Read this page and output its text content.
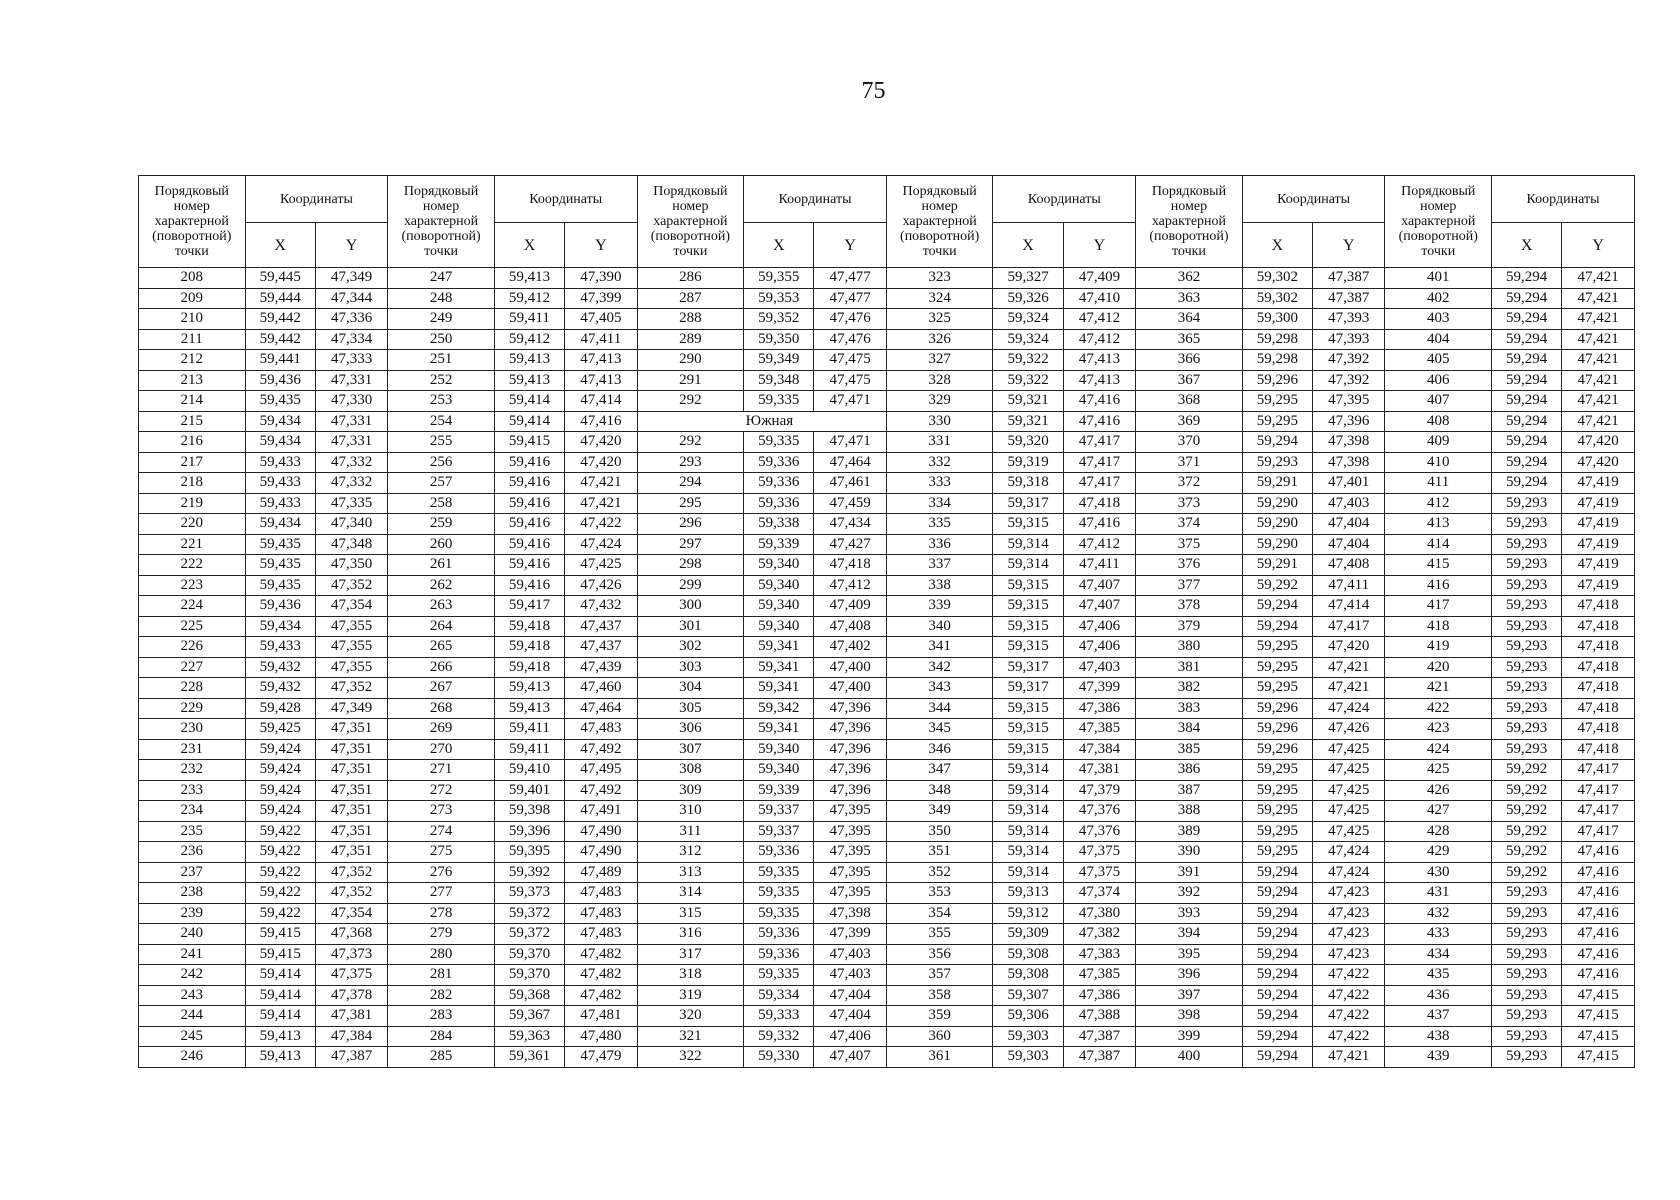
75
Порядковый номер характерной (поворотной) точки	Координаты		Порядковый номер характерной (поворотной) точки	Координаты		Порядковый номер характерной (поворотной) точки	Координаты		Порядковый номер характерной (поворотной) точки	Координаты		Порядковый номер характерной (поворотной) точки	Координаты		Порядковый номер характерной (поворотной) точки	Координаты	
	X	Y		X	Y		X	Y		X	Y		X	Y		X	Y
208	59,445	47,349	247	59,413	47,390	286	59,355	47,477	323	59,327	47,409	362	59,302	47,387	401	59,294	47,421
209	59,444	47,344	248	59,412	47,399	287	59,353	47,477	324	59,326	47,410	363	59,302	47,387	402	59,294	47,421
210	59,442	47,336	249	59,411	47,405	288	59,352	47,476	325	59,324	47,412	364	59,300	47,393	403	59,294	47,421
211	59,442	47,334	250	59,412	47,411	289	59,350	47,476	326	59,324	47,412	365	59,298	47,393	404	59,294	47,421
212	59,441	47,333	251	59,413	47,413	290	59,349	47,475	327	59,322	47,413	366	59,298	47,392	405	59,294	47,421
213	59,436	47,331	252	59,413	47,413	291	59,348	47,475	328	59,322	47,413	367	59,296	47,392	406	59,294	47,421
214	59,435	47,330	253	59,414	47,414	292	59,335	47,471	329	59,321	47,416	368	59,295	47,395	407	59,294	47,421
215	59,434	47,331	254	59,414	47,416	Южная			330	59,321	47,416	369	59,295	47,396	408	59,294	47,421
216	59,434	47,331	255	59,415	47,420	292	59,335	47,471	331	59,320	47,417	370	59,294	47,398	409	59,294	47,420
217	59,433	47,332	256	59,416	47,420	293	59,336	47,464	332	59,319	47,417	371	59,293	47,398	410	59,294	47,420
218	59,433	47,332	257	59,416	47,421	294	59,336	47,461	333	59,318	47,417	372	59,291	47,401	411	59,294	47,419
219	59,433	47,335	258	59,416	47,421	295	59,336	47,459	334	59,317	47,418	373	59,290	47,403	412	59,293	47,419
220	59,434	47,340	259	59,416	47,422	296	59,338	47,434	335	59,315	47,416	374	59,290	47,404	413	59,293	47,419
221	59,435	47,348	260	59,416	47,424	297	59,339	47,427	336	59,314	47,412	375	59,290	47,404	414	59,293	47,419
222	59,435	47,350	261	59,416	47,425	298	59,340	47,418	337	59,314	47,411	376	59,291	47,408	415	59,293	47,419
223	59,435	47,352	262	59,416	47,426	299	59,340	47,412	338	59,315	47,407	377	59,292	47,411	416	59,293	47,419
224	59,436	47,354	263	59,417	47,432	300	59,340	47,409	339	59,315	47,407	378	59,294	47,414	417	59,293	47,418
225	59,434	47,355	264	59,418	47,437	301	59,340	47,408	340	59,315	47,406	379	59,294	47,417	418	59,293	47,418
226	59,433	47,355	265	59,418	47,437	302	59,341	47,402	341	59,315	47,406	380	59,295	47,420	419	59,293	47,418
227	59,432	47,355	266	59,418	47,439	303	59,341	47,400	342	59,317	47,403	381	59,295	47,421	420	59,293	47,418
228	59,432	47,352	267	59,413	47,460	304	59,341	47,400	343	59,317	47,399	382	59,295	47,421	421	59,293	47,418
229	59,428	47,349	268	59,413	47,464	305	59,342	47,396	344	59,315	47,386	383	59,296	47,424	422	59,293	47,418
230	59,425	47,351	269	59,411	47,483	306	59,341	47,396	345	59,315	47,385	384	59,296	47,426	423	59,293	47,418
231	59,424	47,351	270	59,411	47,492	307	59,340	47,396	346	59,315	47,384	385	59,296	47,425	424	59,293	47,418
232	59,424	47,351	271	59,410	47,495	308	59,340	47,396	347	59,314	47,381	386	59,295	47,425	425	59,292	47,417
233	59,424	47,351	272	59,401	47,492	309	59,339	47,396	348	59,314	47,379	387	59,295	47,425	426	59,292	47,417
234	59,424	47,351	273	59,398	47,491	310	59,337	47,395	349	59,314	47,376	388	59,295	47,425	427	59,292	47,417
235	59,422	47,351	274	59,396	47,490	311	59,337	47,395	350	59,314	47,376	389	59,295	47,425	428	59,292	47,417
236	59,422	47,351	275	59,395	47,490	312	59,336	47,395	351	59,314	47,375	390	59,295	47,424	429	59,292	47,416
237	59,422	47,352	276	59,392	47,489	313	59,335	47,395	352	59,314	47,375	391	59,294	47,424	430	59,292	47,416
238	59,422	47,352	277	59,373	47,483	314	59,335	47,395	353	59,313	47,374	392	59,294	47,423	431	59,293	47,416
239	59,422	47,354	278	59,372	47,483	315	59,335	47,398	354	59,312	47,380	393	59,294	47,423	432	59,293	47,416
240	59,415	47,368	279	59,372	47,483	316	59,336	47,399	355	59,309	47,382	394	59,294	47,423	433	59,293	47,416
241	59,415	47,373	280	59,370	47,482	317	59,336	47,403	356	59,308	47,383	395	59,294	47,423	434	59,293	47,416
242	59,414	47,375	281	59,370	47,482	318	59,335	47,403	357	59,308	47,385	396	59,294	47,422	435	59,293	47,416
243	59,414	47,378	282	59,368	47,482	319	59,334	47,404	358	59,307	47,386	397	59,294	47,422	436	59,293	47,415
244	59,414	47,381	283	59,367	47,481	320	59,333	47,404	359	59,306	47,388	398	59,294	47,422	437	59,293	47,415
245	59,413	47,384	284	59,363	47,480	321	59,332	47,406	360	59,303	47,387	399	59,294	47,422	438	59,293	47,415
246	59,413	47,387	285	59,361	47,479	322	59,330	47,407	361	59,303	47,387	400	59,294	47,421	439	59,293	47,415
